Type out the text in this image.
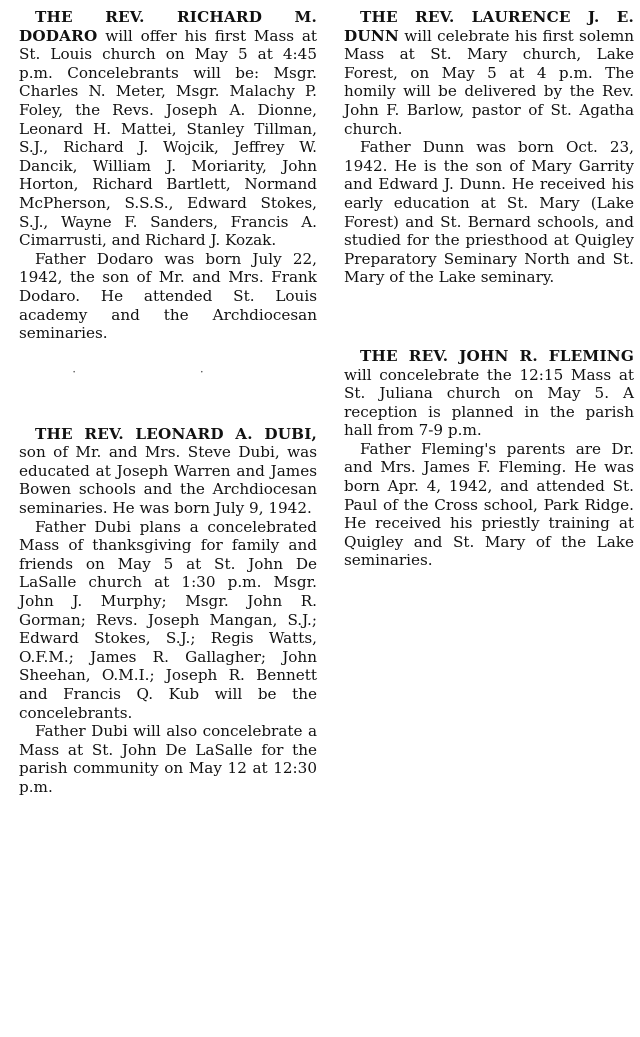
THE REV. RICHARD M. DODARO will offer his first Mass at St. Louis church on May 5 at 4:45 p.m. Concelebrants will be: Msgr. Charles N. Meter, Msgr. Malachy P. Foley, the Revs. Joseph A. Dionne, Leonard H. Mattei, Stanley Tillman, S.J., Richard J. Wojcik, Jeffrey W. Dancik, William J. Moriarity, John Horton, Richard Bartlett, Normand McPherson, S.S.S., Edward Stokes, S.J., Wayne F. Sanders, Francis A. Cimarrusti, and Richard J. Kozak.

Father Dodaro was born July 22, 1942, the son of Mr. and Mrs. Frank Dodaro. He attended St. Louis academy and the Archdiocesan seminaries.

· ·

THE REV. LEONARD A. DUBI, son of Mr. and Mrs. Steve Dubi, was educated at Joseph Warren and James Bowen schools and the Archdiocesan seminaries. He was born July 9, 1942.

Father Dubi plans a concelebrated Mass of thanksgiving for family and friends on May 5 at St. John De LaSalle church at 1:30 p.m. Msgr. John J. Murphy; Msgr. John R. Gorman; Revs. Joseph Mangan, S.J.; Edward Stokes, S.J.; Regis Watts, O.F.M.; James R. Gallagher; John Sheehan, O.M.I.; Joseph R. Bennett and Francis Q. Kub will be the concelebrants.

Father Dubi will also concelebrate a Mass at St. John De LaSalle for the parish community on May 12 at 12:30 p.m.

THE REV. LAURENCE J. E. DUNN will celebrate his first solemn Mass at St. Mary church, Lake Forest, on May 5 at 4 p.m. The homily will be delivered by the Rev. John F. Barlow, pastor of St. Agatha church.

Father Dunn was born Oct. 23, 1942. He is the son of Mary Garrity and Edward J. Dunn. He received his early education at St. Mary (Lake Forest) and St. Bernard schools, and studied for the priesthood at Quigley Preparatory Seminary North and St. Mary of the Lake seminary.

THE REV. JOHN R. FLEMING will concelebrate the 12:15 Mass at St. Juliana church on May 5. A reception is planned in the parish hall from 7-9 p.m.

Father Fleming's parents are Dr. and Mrs. James F. Fleming. He was born Apr. 4, 1942, and attended St. Paul of the Cross school, Park Ridge. He received his priestly training at Quigley and St. Mary of the Lake seminaries.
